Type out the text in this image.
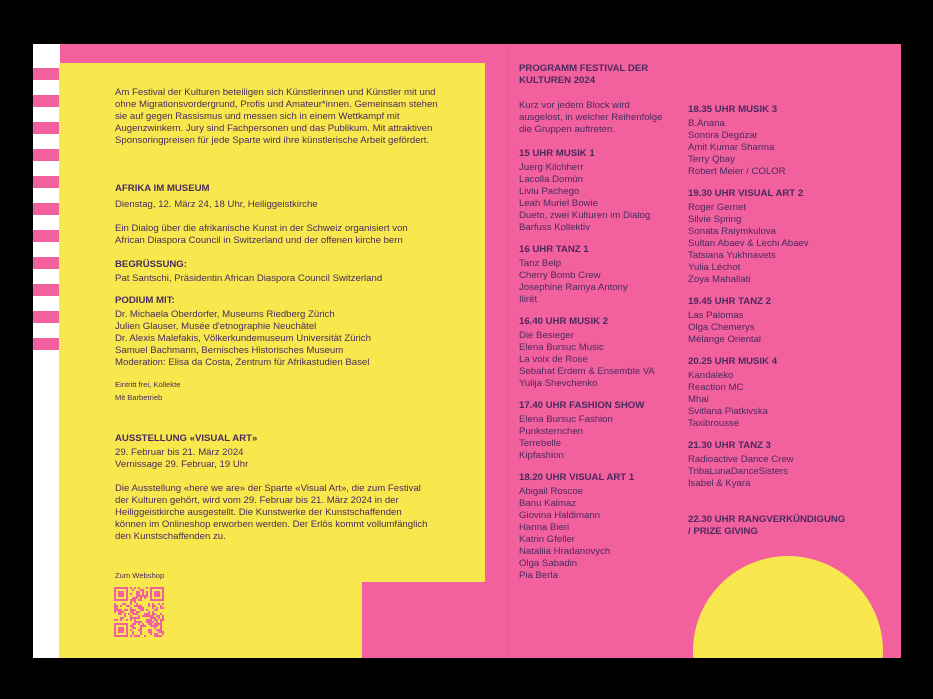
Am Festival der Kulturen beteiligen sich Künstlerinnen und Künstler mit und ohne Migrationsvordergrund, Profis und Amateur*innen. Gemeinsam stehen sie auf gegen Rassismus und messen sich in einem Wettkampf mit Augenzwinkern. Jury sind Fachpersonen und das Publikum. Mit attraktiven Sponsoringpreisen für jede Sparte wird ihre künstlerische Arbeit gefördert.

AFRIKA IM MUSEUM

Dienstag, 12. März 24, 18 Uhr, Heiliggeistkirche

Ein Dialog über die afrikanische Kunst in der Schweiz organisiert von African Diaspora Council in Switzerland und der offenen kirche bern

BEGRÜSSUNG:

Pat Santschi, Präsidentin African Diaspora Council Switzerland

PODIUM MIT:

Dr. Michaela Oberdorfer, Museums Riedberg Zürich
Julien Glauser, Musée d'etnographie Neuchâtel
Dr. Alexis Malefakis, Völkerkundemuseum Universität Zürich
Samuel Bachmann, Bernisches Historisches Museum
Moderation: Elisa da Costa, Zentrum für Afrikastudien Basel
Eintritt frei, Kollekte
Mit Barbetrieb

AUSSTELLUNG «VISUAL ART»

29. Februar bis 21. März 2024

Vernissage 29. Februar, 19 Uhr

Die Ausstellung «here we are» der Sparte «Visual Art», die zum Festival der Kulturen gehört, wird vom 29. Februar bis 21. März 2024 in der Heiliggeistkirche ausgestellt. Die Kunstwerke der Kunstschaffenden können im Onlineshop erworben werden. Der Erlös kommt vollumfänglich den Kunstschaffenden zu.

Zum Webshop

PROGRAMM FESTIVAL DER

KULTUREN 2024

Kurz vor jedem Block wird ausgelost, in welcher Reihenfolge die Gruppen auftreten.

15 UHR MUSIK 1

Juerg Kilchherr
Lacolla Domùn
Liviu Pachego
Leah Muriel Bowie
Dueto, zwei Kulturen im Dialog
Barfuss Kollektiv

16 UHR TANZ 1

Tanz Belp
Cherry Bomb Crew
Josephine Ramya Antony
Ilirët

16.40 UHR MUSIK 2

Die Besieger
Elena Bursuc Music
La voix de Rose
Sebahat Erdem & Ensemble VA
Yulija Shevchenko

17.40 UHR FASHION SHOW

Elena Bursuc Fashion
Punksternchen
Terrebelle
Kipfashion

18.20 UHR VISUAL ART 1

Abigail Roscoe
Banu Kalmaz
Giovina Haldimann
Hanna Bieri
Katrin Gfeller
Nataliia Hradanovych
Olga Sabadin
Pia Berla

18.35 UHR MUSIK 3

B.Anana
Sonora Degózar
Amit Kumar Sharma
Terry Qbay
Robert Meier / COLOR

19.30 UHR VISUAL ART 2

Roger Gernet
Silvie Spring
Sonata Raiymkulova
Sultan Abaev & Lechi Abaev
Tatsiana Yukhnavets
Yulia Léchot
Zoya Mahallati

19.45 UHR TANZ 2

Las Palomas
Olga Chemerys
Mélange Oriental

20.25 UHR MUSIK 4

Kandaleko
Reaction MC
Mhai
Svitlana Piatkivska
Taxibrousse

21.30 UHR TANZ 3

Radioactive Dance Crew
TribaLunaDanceSisters
Isabel & Kyara

22.30 UHR RANGVERKÜNDIGUNG

/ PRIZE GIVING
